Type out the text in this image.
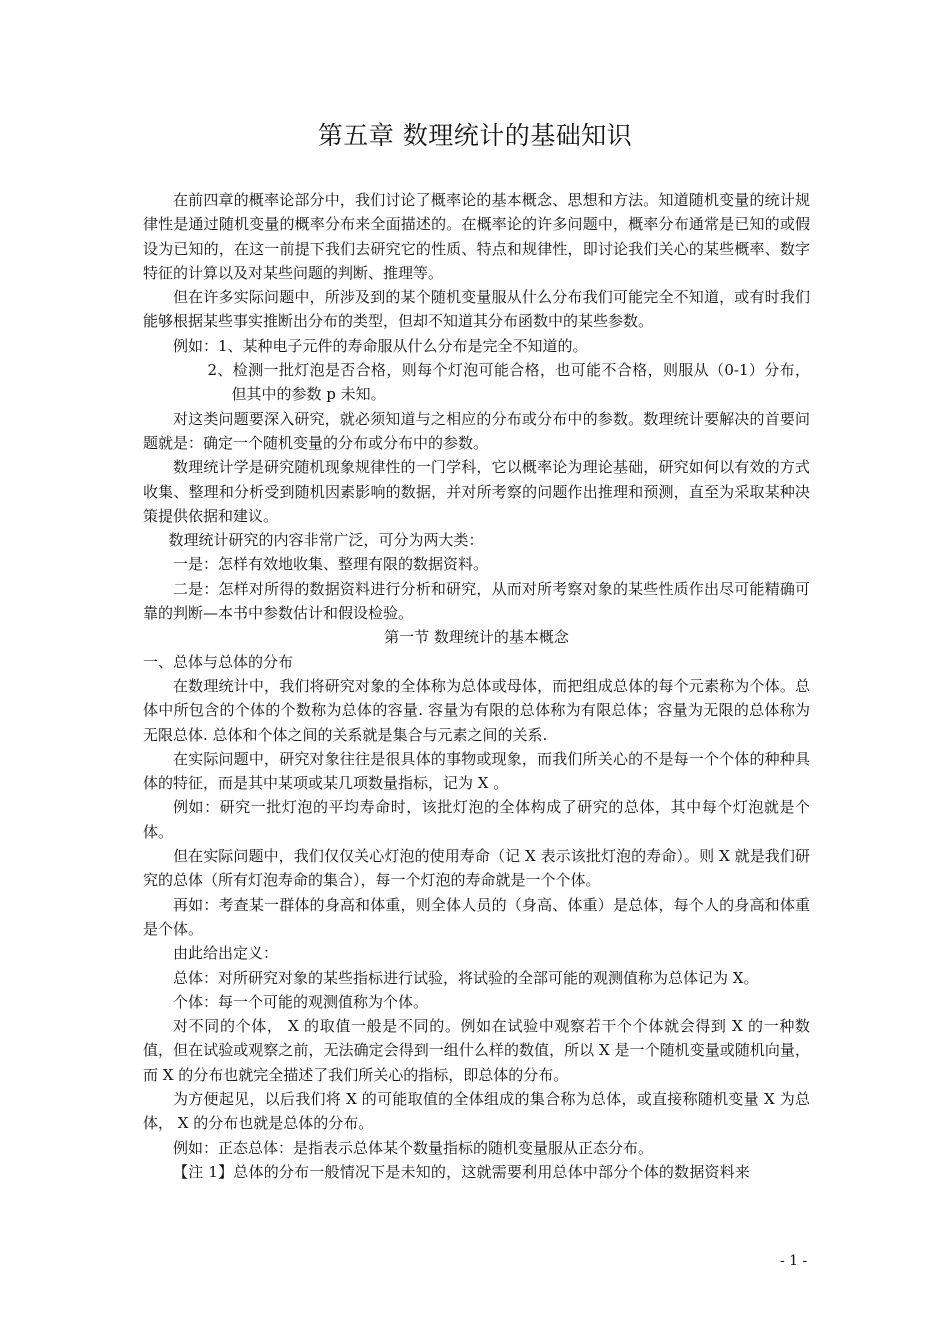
第五章 数理统计的基础知识

在前四章的概率论部分中，我们讨论了概率论的基本概念、思想和方法。知道随机变量的统计规律性是通过随机变量的概率分布来全面描述的。在概率论的许多问题中，概率分布通常是已知的或假设为已知的，在这一前提下我们去研究它的性质、特点和规律性，即讨论我们关心的某些概率、数字特征的计算以及对某些问题的判断、推理等。

但在许多实际问题中，所涉及到的某个随机变量服从什么分布我们可能完全不知道，或有时我们能够根据某些事实推断出分布的类型，但却不知道其分布函数中的某些参数。

例如：1、某种电子元件的寿命服从什么分布是完全不知道的。

2、检测一批灯泡是否合格，则每个灯泡可能合格，也可能不合格，则服从（0-1）分布，但其中的参数 p 未知。

对这类问题要深入研究，就必须知道与之相应的分布或分布中的参数。数理统计要解决的首要问题就是：确定一个随机变量的分布或分布中的参数。

数理统计学是研究随机现象规律性的一门学科，它以概率论为理论基础，研究如何以有效的方式收集、整理和分析受到随机因素影响的数据，并对所考察的问题作出推理和预测，直至为采取某种决策提供依据和建议。

数理统计研究的内容非常广泛，可分为两大类：

一是：怎样有效地收集、整理有限的数据资料。

二是：怎样对所得的数据资料进行分析和研究，从而对所考察对象的某些性质作出尽可能精确可靠的判断—本书中参数估计和假设检验。

第一节 数理统计的基本概念

一、总体与总体的分布

在数理统计中，我们将研究对象的全体称为总体或母体，而把组成总体的每个元素称为个体。总体中所包含的个体的个数称为总体的容量. 容量为有限的总体称为有限总体；容量为无限的总体称为无限总体. 总体和个体之间的关系就是集合与元素之间的关系.

在实际问题中，研究对象往往是很具体的事物或现象，而我们所关心的不是每一个个体的种种具体的特征，而是其中某项或某几项数量指标，记为 X 。

例如：研究一批灯泡的平均寿命时，该批灯泡的全体构成了研究的总体，其中每个灯泡就是个体。

但在实际问题中，我们仅仅关心灯泡的使用寿命（记 X 表示该批灯泡的寿命）。则 X 就是我们研究的总体（所有灯泡寿命的集合），每一个灯泡的寿命就是一个个体。

再如：考查某一群体的身高和体重，则全体人员的（身高、体重）是总体，每个人的身高和体重是个体。

由此给出定义：

总体：对所研究对象的某些指标进行试验，将试验的全部可能的观测值称为总体记为 X。

个体：每一个可能的观测值称为个体。

对不同的个体， X 的取值一般是不同的。例如在试验中观察若干个个体就会得到 X 的一种数值，但在试验或观察之前，无法确定会得到一组什么样的数值，所以 X 是一个随机变量或随机向量，而 X 的分布也就完全描述了我们所关心的指标，即总体的分布。

为方便起见，以后我们将 X 的可能取值的全体组成的集合称为总体，或直接称随机变量 X 为总体， X 的分布也就是总体的分布。

例如：正态总体：是指表示总体某个数量指标的随机变量服从正态分布。

【注 1】总体的分布一般情况下是未知的，这就需要利用总体中部分个体的数据资料来

- 1 -
